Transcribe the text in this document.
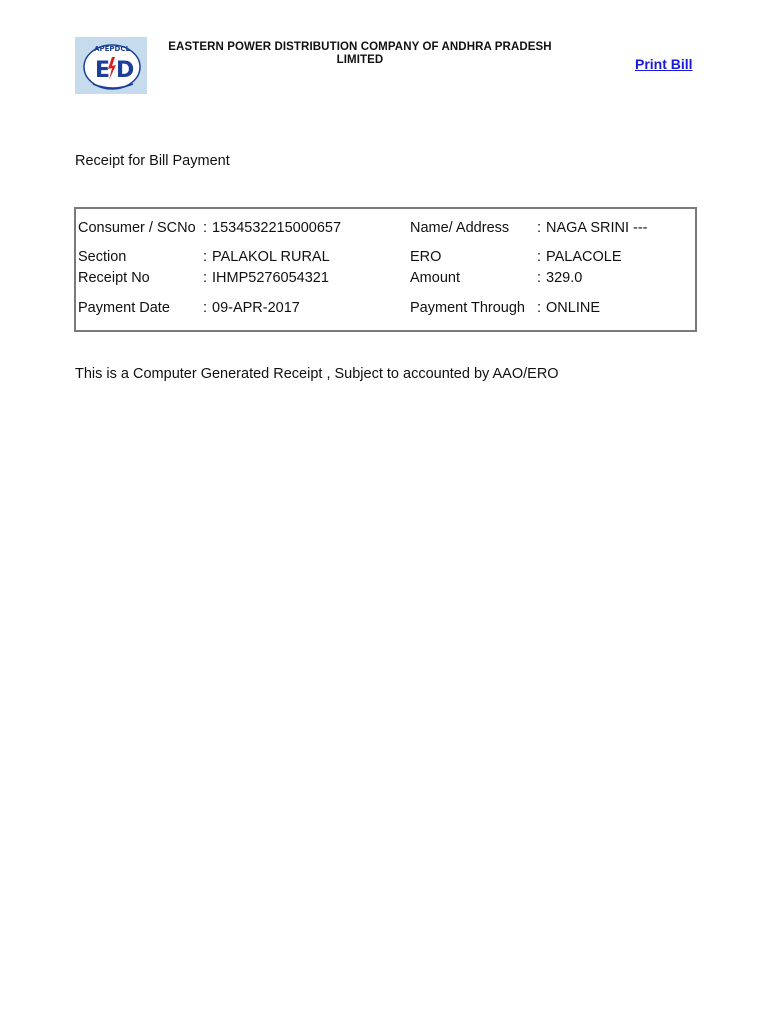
APEPDCL
E D
EASTERN POWER DISTRIBUTION COMPANY OF ANDHRA PRADESH
LIMITED	Print Bill
Receipt for Bill Payment
Consumer / SCNo	:	1534532215000657	Name/ Address	:	NAGA SRINI ---
Section	:	PALAKOL RURAL	ERO	:	PALACOLE
Receipt No	:	IHMP5276054321	Amount	:	329.0
Payment Date	:	09-APR-2017	Payment Through	:	ONLINE
This is a Computer Generated Receipt , Subject to accounted by AAO/ERO
